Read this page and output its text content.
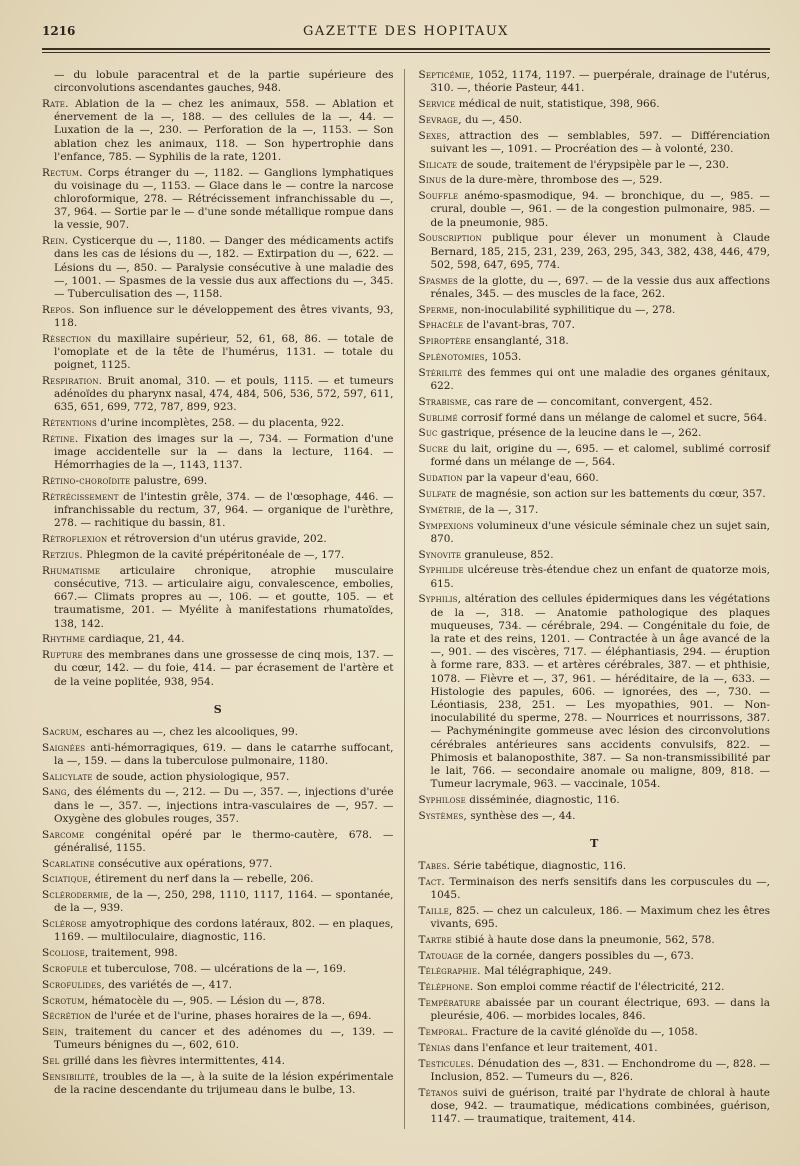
1216	GAZETTE DES HOPITAUX

— du lobule paracentral et de la partie supérieure des circonvolutions ascendantes gauches, 948.

Rate. Ablation de la — chez les animaux, 558. — Ablation et énervement de la —, 188. — des cellules de la —, 44. — Luxation de la —, 230. — Perforation de la —, 1153. — Son ablation chez les animaux, 118. — Son hypertrophie dans l'enfance, 785. — Syphilis de la rate, 1201.

Rectum. Corps étranger du —, 1182. — Ganglions lymphatiques du voisinage du —, 1153. — Glace dans le — contre la narcose chloroformique, 278. — Rétrécissement infranchissable du —, 37, 964. — Sortie par le — d'une sonde métallique rompue dans la vessie, 907.

Rein. Cysticerque du —, 1180. — Danger des médicaments actifs dans les cas de lésions du —, 182. — Extirpation du —, 622. — Lésions du —, 850. — Paralysie consécutive à une maladie des —, 1001. — Spasmes de la vessie dus aux affections du —, 345.— Tuberculisation des —, 1158.

Repos. Son influence sur le développement des êtres vivants, 93, 118.

Résection du maxillaire supérieur, 52, 61, 68, 86. — totale de l'omoplate et de la tête de l'humérus, 1131. — totale du poignet, 1125.

Respiration. Bruit anomal, 310. — et pouls, 1115. — et tumeurs adénoïdes du pharynx nasal, 474, 484, 506, 536, 572, 597, 611, 635, 651, 699, 772, 787, 899, 923.

Rétentions d'urine incomplètes, 258. — du placenta, 922.

Rétine. Fixation des images sur la —, 734. — Formation d'une image accidentelle sur la — dans la lecture, 1164. — Hémorrhagies de la —, 1143, 1137.

Rétino-choroïdite palustre, 699.

Rétrécissement de l'intestin grêle, 374. — de l'œsophage, 446. — infranchissable du rectum, 37, 964. — organique de l'urèthre, 278. — rachitique du bassin, 81.

Rétroflexion et rétroversion d'un utérus gravide, 202.

Retzius. Phlegmon de la cavité prépéritonéale de —, 177.

Rhumatisme articulaire chronique, atrophie musculaire consécutive, 713. — articulaire aigu, convalescence, embolies, 667.— Climats propres au —, 106. — et goutte, 105. — et traumatisme, 201. — Myélite à manifestations rhumatoïdes, 138, 142.

Rhythme cardiaque, 21, 44.

Rupture des membranes dans une grossesse de cinq mois, 137. — du cœur, 142. — du foie, 414. — par écrasement de l'artère et de la veine poplitée, 938, 954.

S

Sacrum, eschares au —, chez les alcooliques, 99.

Saignées anti-hémorragiques, 619. — dans le catarrhe suffocant, la —, 159. — dans la tuberculose pulmonaire, 1180.

Salicylate de soude, action physiologique, 957.

Sang, des éléments du —, 212. — Du —, 357. —, injections d'urée dans le —, 357. —, injections intra-vasculaires de —, 957. — Oxygène des globules rouges, 357.

Sarcome congénital opéré par le thermo-cautère, 678. — généralisé, 1155.

Scarlatine consécutive aux opérations, 977.

Sciatique, étirement du nerf dans la — rebelle, 206.

Sclérodermie, de la —, 250, 298, 1110, 1117, 1164. — spontanée, de la —, 939.

Sclérose amyotrophique des cordons latéraux, 802. — en plaques, 1169. — multiloculaire, diagnostic, 116.

Scoliose, traitement, 998.

Scrofule et tuberculose, 708. — ulcérations de la —, 169.

Scrofulides, des variétés de —, 417.

Scrotum, hématocèle du —, 905. — Lésion du —, 878.

Sécrétion de l'urée et de l'urine, phases horaires de la —, 694.

Sein, traitement du cancer et des adénomes du —, 139. — Tumeurs bénignes du —, 602, 610.

Sel grillé dans les fièvres intermittentes, 414.

Sensibilité, troubles de la —, à la suite de la lésion expérimentale de la racine descendante du trijumeau dans le bulbe, 13.

Septicémie, 1052, 1174, 1197. — puerpérale, drainage de l'utérus, 310. —, théorie Pasteur, 441.

Service médical de nuit, statistique, 398, 966.

Sevrage, du —, 450.

Sexes, attraction des — semblables, 597. — Différenciation suivant les —, 1091. — Procréation des — à volonté, 230.

Silicate de soude, traitement de l'érypsipèle par le —, 230.

Sinus de la dure-mère, thrombose des —, 529.

Souffle anémo-spasmodique, 94. — bronchique, du —, 985. — crural, double —, 961. — de la congestion pulmonaire, 985. — de la pneumonie, 985.

Souscription publique pour élever un monument à Claude Bernard, 185, 215, 231, 239, 263, 295, 343, 382, 438, 446, 479, 502, 598, 647, 695, 774.

Spasmes de la glotte, du —, 697. — de la vessie dus aux affections rénales, 345. — des muscles de la face, 262.

Sperme, non-inoculabilité syphilitique du —, 278.

Sphacèle de l'avant-bras, 707.

Spiroptère ensanglanté, 318.

Splénotomies, 1053.

Stérilité des femmes qui ont une maladie des organes génitaux, 622.

Strabisme, cas rare de — concomitant, convergent, 452.

Sublimé corrosif formé dans un mélange de calomel et sucre, 564.

Suc gastrique, présence de la leucine dans le —, 262.

Sucre du lait, origine du —, 695. — et calomel, sublimé corrosif formé dans un mélange de —, 564.

Sudation par la vapeur d'eau, 660.

Sulfate de magnésie, son action sur les battements du cœur, 357.

Symétrie, de la —, 317.

Sympexions volumineux d'une vésicule séminale chez un sujet sain, 870.

Synovite granuleuse, 852.

Syphilide ulcéreuse très-étendue chez un enfant de quatorze mois, 615.

Syphilis, altération des cellules épidermiques dans les végétations de la —, 318. — Anatomie pathologique des plaques muqueuses, 734. — cérébrale, 294. — Congénitale du foie, de la rate et des reins, 1201. — Contractée à un âge avancé de la —, 901. — des viscères, 717. — éléphantiasis, 294. — éruption à forme rare, 833. — et artères cérébrales, 387. — et phthisie, 1078. — Fièvre et —, 37, 961. — héréditaire, de la —, 633. — Histologie des papules, 606. — ignorées, des —, 730. — Léontiasis, 238, 251. — Les myopathies, 901. — Non-inoculabilité du sperme, 278. — Nourrices et nourrissons, 387. — Pachyméningite gommeuse avec lésion des circonvolutions cérébrales antérieures sans accidents convulsifs, 822. — Phimosis et balanoposthite, 387. — Sa non-transmissibilité par le lait, 766. — secondaire anomale ou maligne, 809, 818. — Tumeur lacrymale, 963. — vaccinale, 1054.

Syphilose disséminée, diagnostic, 116.

Systèmes, synthèse des —, 44.

T

Tabes. Série tabétique, diagnostic, 116.

Tact. Terminaison des nerfs sensitifs dans les corpuscules du —, 1045.

Taille, 825. — chez un calculeux, 186. — Maximum chez les êtres vivants, 695.

Tartre stibié à haute dose dans la pneumonie, 562, 578.

Tatouage de la cornée, dangers possibles du —, 673.

Télégraphie. Mal télégraphique, 249.

Téléphone. Son emploi comme réactif de l'électricité, 212.

Température abaissée par un courant électrique, 693. — dans la pleurésie, 406. — morbides locales, 846.

Temporal. Fracture de la cavité glénoïde du —, 1058.

Ténias dans l'enfance et leur traitement, 401.

Testicules. Dénudation des —, 831. — Enchondrome du —, 828. — Inclusion, 852. — Tumeurs du —, 826.

Tétanos suivi de guérison, traité par l'hydrate de chloral à haute dose, 942. — traumatique, médications combinées, guérison, 1147. — traumatique, traitement, 414.
